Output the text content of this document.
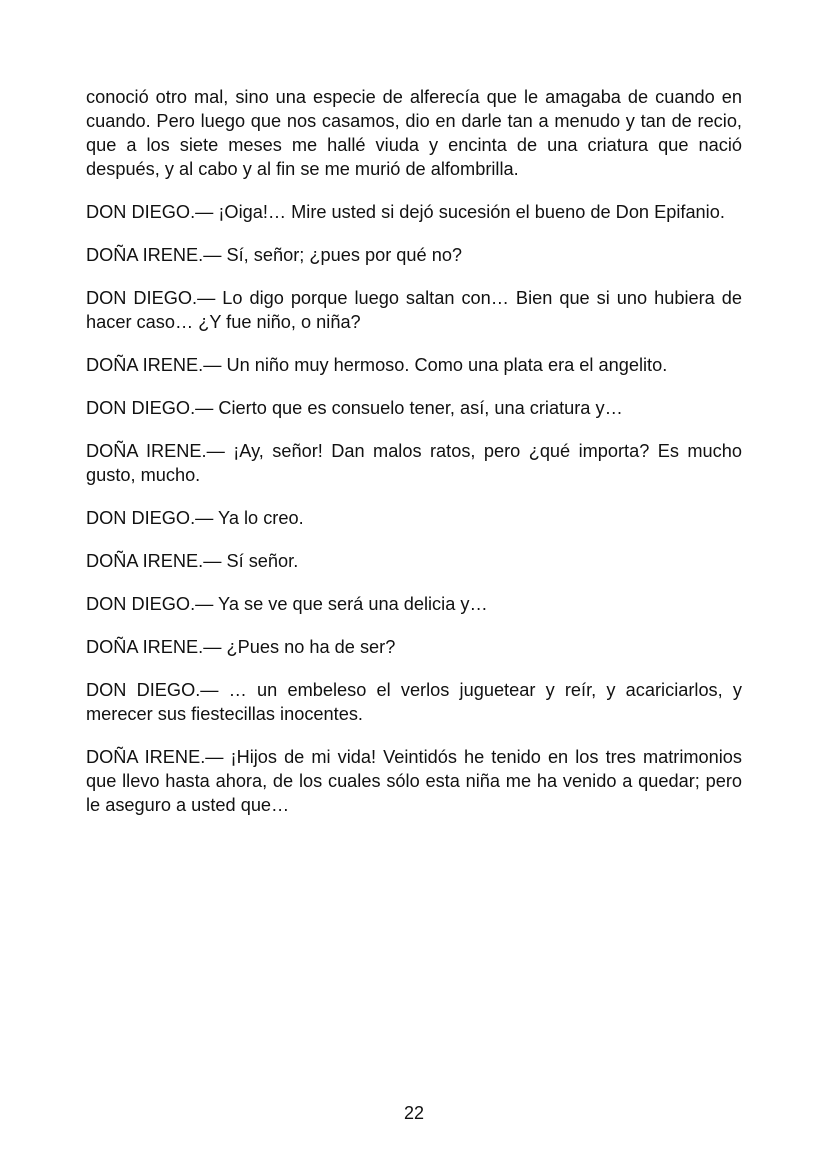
conoció otro mal, sino una especie de alferecía que le amagaba de cuando en cuando. Pero luego que nos casamos, dio en darle tan a menudo y tan de recio, que a los siete meses me hallé viuda y encinta de una criatura que nació después, y al cabo y al fin se me murió de alfombrilla.

DON DIEGO.— ¡Oiga!… Mire usted si dejó sucesión el bueno de Don Epifanio.

DOÑA IRENE.— Sí, señor; ¿pues por qué no?

DON DIEGO.— Lo digo porque luego saltan con… Bien que si uno hubiera de hacer caso… ¿Y fue niño, o niña?

DOÑA IRENE.— Un niño muy hermoso. Como una plata era el angelito.

DON DIEGO.— Cierto que es consuelo tener, así, una criatura y…

DOÑA IRENE.— ¡Ay, señor! Dan malos ratos, pero ¿qué importa? Es mucho gusto, mucho.

DON DIEGO.— Ya lo creo.

DOÑA IRENE.— Sí señor.

DON DIEGO.— Ya se ve que será una delicia y…

DOÑA IRENE.— ¿Pues no ha de ser?

DON DIEGO.— … un embeleso el verlos juguetear y reír, y acariciarlos, y merecer sus fiestecillas inocentes.

DOÑA IRENE.— ¡Hijos de mi vida! Veintidós he tenido en los tres matrimonios que llevo hasta ahora, de los cuales sólo esta niña me ha venido a quedar; pero le aseguro a usted que…

22
